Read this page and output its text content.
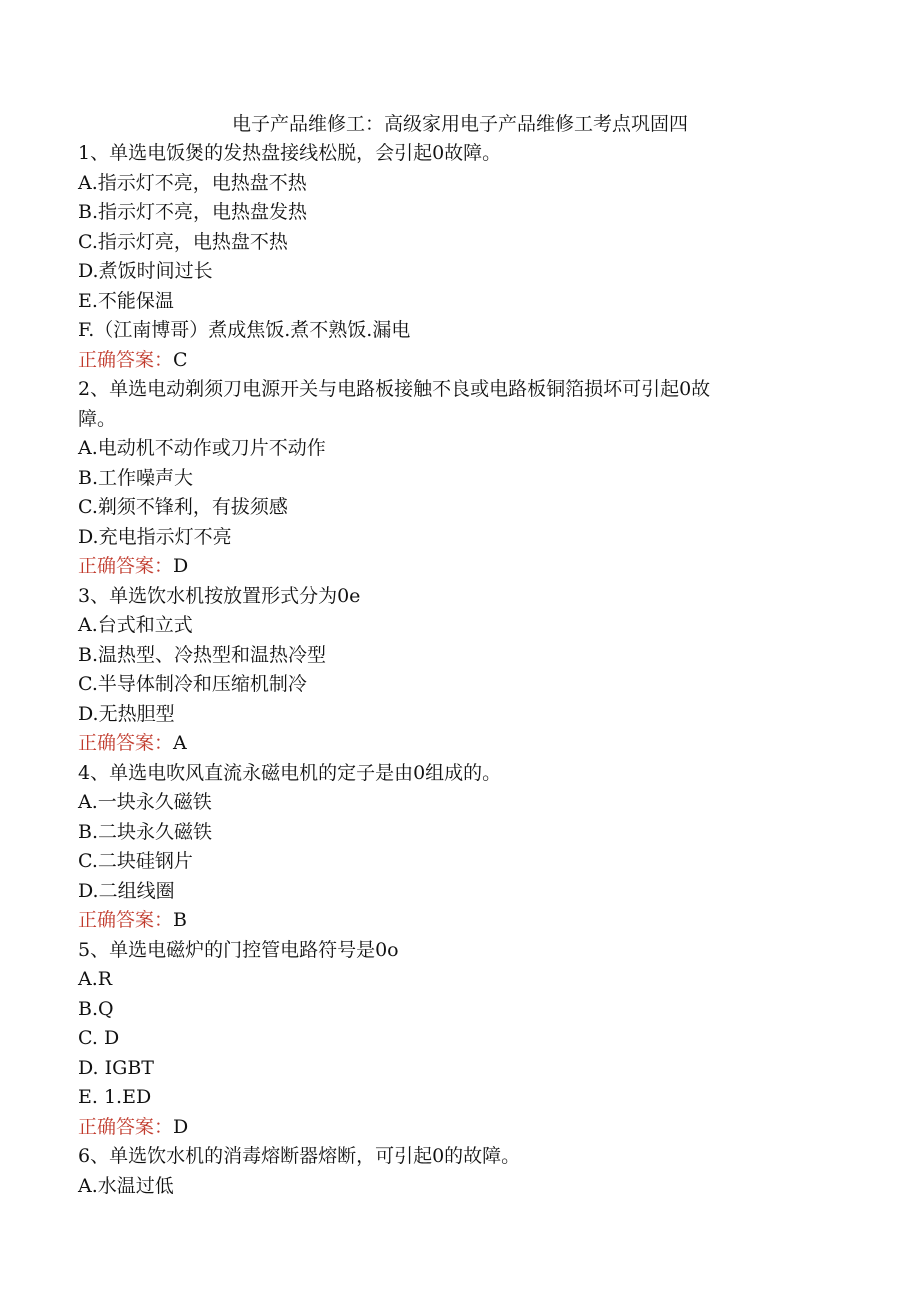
电子产品维修工：高级家用电子产品维修工考点巩固四
1、单选电饭煲的发热盘接线松脱，会引起0故障。
A.指示灯不亮，电热盘不热
B.指示灯不亮，电热盘发热
C.指示灯亮，电热盘不热
D.煮饭时间过长
E.不能保温
F.（江南博哥）煮成焦饭.煮不熟饭.漏电
正确答案：C
2、单选电动剃须刀电源开关与电路板接触不良或电路板铜箔损坏可引起0故
障。
A.电动机不动作或刀片不动作
B.工作噪声大
C.剃须不锋利，有拔须感
D.充电指示灯不亮
正确答案：D
3、单选饮水机按放置形式分为0e
A.台式和立式
B.温热型、冷热型和温热冷型
C.半导体制冷和压缩机制冷
D.无热胆型
正确答案：A
4、单选电吹风直流永磁电机的定子是由0组成的。
A.一块永久磁铁
B.二块永久磁铁
C.二块硅钢片
D.二组线圈
正确答案：B
5、单选电磁炉的门控管电路符号是0o
A.R
B.Q
C. D
D. IGBT
E. 1.ED
正确答案：D
6、单选饮水机的消毒熔断器熔断，可引起0的故障。
A.水温过低
